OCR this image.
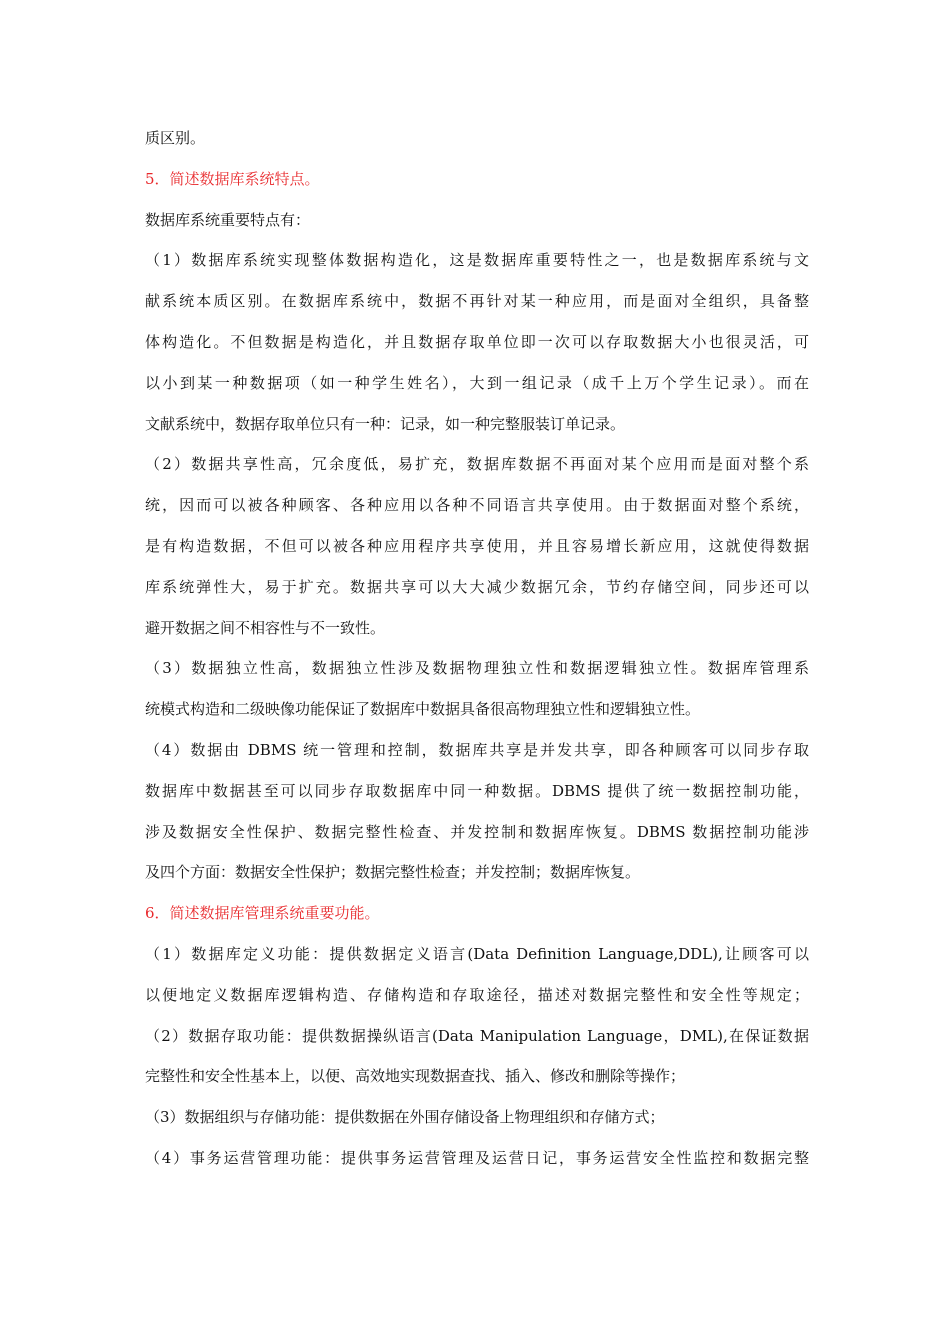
质区别。
5．简述数据库系统特点。
数据库系统重要特点有：
（1）数据库系统实现整体数据构造化，这是数据库重要特性之一，也是数据库系统与文
献系统本质区别。在数据库系统中，数据不再针对某一种应用，而是面对全组织，具备整
体构造化。不但数据是构造化，并且数据存取单位即一次可以存取数据大小也很灵活，可
以小到某一种数据项（如一种学生姓名），大到一组记录（成千上万个学生记录）。而在
文献系统中，数据存取单位只有一种：记录，如一种完整服装订单记录。
（2）数据共享性高，冗余度低，易扩充，数据库数据不再面对某个应用而是面对整个系
统，因而可以被各种顾客、各种应用以各种不同语言共享使用。由于数据面对整个系统，
是有构造数据，不但可以被各种应用程序共享使用，并且容易增长新应用，这就使得数据
库系统弹性大，易于扩充。数据共享可以大大减少数据冗余，节约存储空间，同步还可以
避开数据之间不相容性与不一致性。
（3）数据独立性高，数据独立性涉及数据物理独立性和数据逻辑独立性。数据库管理系
统模式构造和二级映像功能保证了数据库中数据具备很高物理独立性和逻辑独立性。
（4）数据由 DBMS 统一管理和控制，数据库共享是并发共享，即各种顾客可以同步存取
数据库中数据甚至可以同步存取数据库中同一种数据。DBMS 提供了统一数据控制功能，
涉及数据安全性保护、数据完整性检查、并发控制和数据库恢复。DBMS 数据控制功能涉
及四个方面：数据安全性保护；数据完整性检查；并发控制；数据库恢复。
6．简述数据库管理系统重要功能。
（1）数据库定义功能：提供数据定义语言(Data Definition Language,DDL),让顾客可以
以便地定义数据库逻辑构造、存储构造和存取途径，描述对数据完整性和安全性等规定；
（2）数据存取功能：提供数据操纵语言(Data Manipulation Language，DML),在保证数据
完整性和安全性基本上，以便、高效地实现数据查找、插入、修改和删除等操作；
（3）数据组织与存储功能：提供数据在外围存储设备上物理组织和存储方式；
（4）事务运营管理功能：提供事务运营管理及运营日记，事务运营安全性监控和数据完整
